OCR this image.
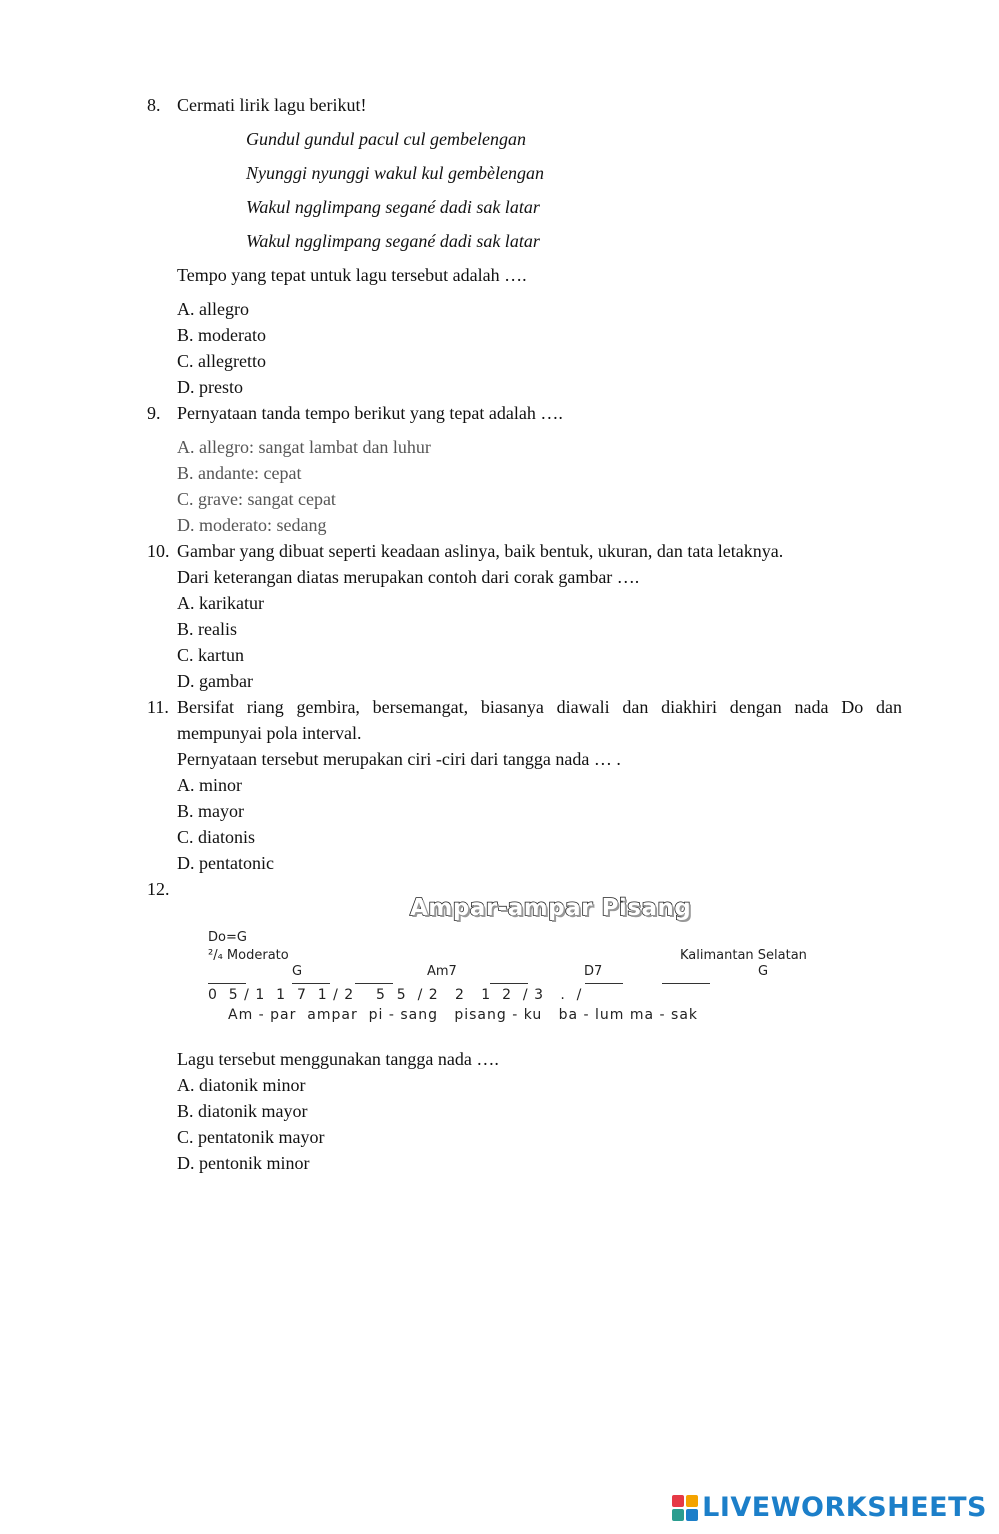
8. Cermati lirik lagu berikut!
Gundul gundul pacul cul gembelengan
Nyunggi nyunggi wakul kul gembèlengan
Wakul ngglimpang segané dadi sak latar
Wakul ngglimpang segané dadi sak latar
Tempo yang tepat untuk lagu tersebut adalah ….
A. allegro
B. moderato
C. allegretto
D. presto
9. Pernyataan tanda tempo berikut yang tepat adalah ….
A. allegro: sangat lambat dan luhur
B. andante: cepat
C. grave: sangat cepat
D. moderato: sedang
10. Gambar yang dibuat seperti keadaan aslinya, baik bentuk, ukuran, dan tata letaknya.
Dari keterangan diatas merupakan contoh dari corak gambar ….
A. karikatur
B. realis
C. kartun
D. gambar
11. Bersifat riang gembira, bersemangat, biasanya diawali dan diakhiri dengan nada Do dan
mempunyai pola interval.
Pernyataan tersebut merupakan ciri -ciri dari tangga nada … .
A. minor
B. mayor
C. diatonis
D. pentatonic
12.
Ampar-ampar Pisang
Do=G
²/₄ Moderato	Kalimantan Selatan
G	Am7	D7	G
0  5 / 1  1  7  1 / 2    5  5  / 2   2   1  2  / 3   .  /
Am - par  ampar  pi - sang   pisang - ku   ba - lum ma - sak
Lagu tersebut menggunakan tangga nada ….
A. diatonik minor
B. diatonik mayor
C. pentatonik mayor
D. pentonik minor
LIVEWORKSHEETS
